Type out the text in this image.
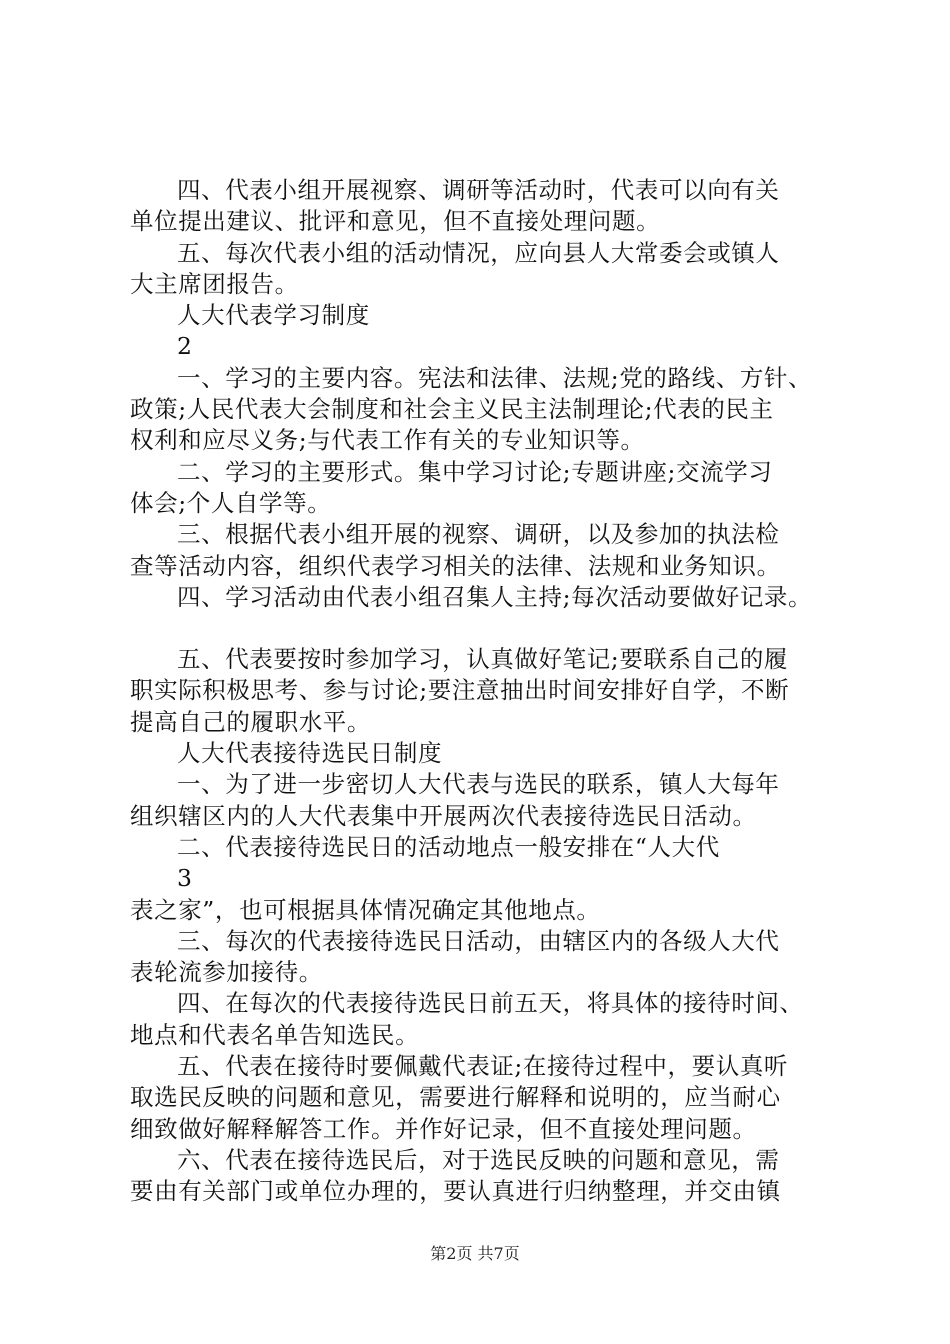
四、代表小组开展视察、调研等活动时，代表可以向有关
单位提出建议、批评和意见，但不直接处理问题。
五、每次代表小组的活动情况，应向县人大常委会或镇人
大主席团报告。
人大代表学习制度
2
一、学习的主要内容。宪法和法律、法规;党的路线、方针、
政策;人民代表大会制度和社会主义民主法制理论;代表的民主
权利和应尽义务;与代表工作有关的专业知识等。
二、学习的主要形式。集中学习讨论;专题讲座;交流学习
体会;个人自学等。
三、根据代表小组开展的视察、调研，以及参加的执法检
查等活动内容，组织代表学习相关的法律、法规和业务知识。
四、学习活动由代表小组召集人主持;每次活动要做好记录。
五、代表要按时参加学习，认真做好笔记;要联系自己的履
职实际积极思考、参与讨论;要注意抽出时间安排好自学，不断
提高自己的履职水平。
人大代表接待选民日制度
一、为了进一步密切人大代表与选民的联系，镇人大每年
组织辖区内的人大代表集中开展两次代表接待选民日活动。
二、代表接待选民日的活动地点一般安排在“人大代
3
表之家”，也可根据具体情况确定其他地点。
三、每次的代表接待选民日活动，由辖区内的各级人大代
表轮流参加接待。
四、在每次的代表接待选民日前五天，将具体的接待时间、
地点和代表名单告知选民。
五、代表在接待时要佩戴代表证;在接待过程中，要认真听
取选民反映的问题和意见，需要进行解释和说明的，应当耐心
细致做好解释解答工作。并作好记录，但不直接处理问题。
六、代表在接待选民后，对于选民反映的问题和意见，需
要由有关部门或单位办理的，要认真进行归纳整理，并交由镇
第2页 共7页
